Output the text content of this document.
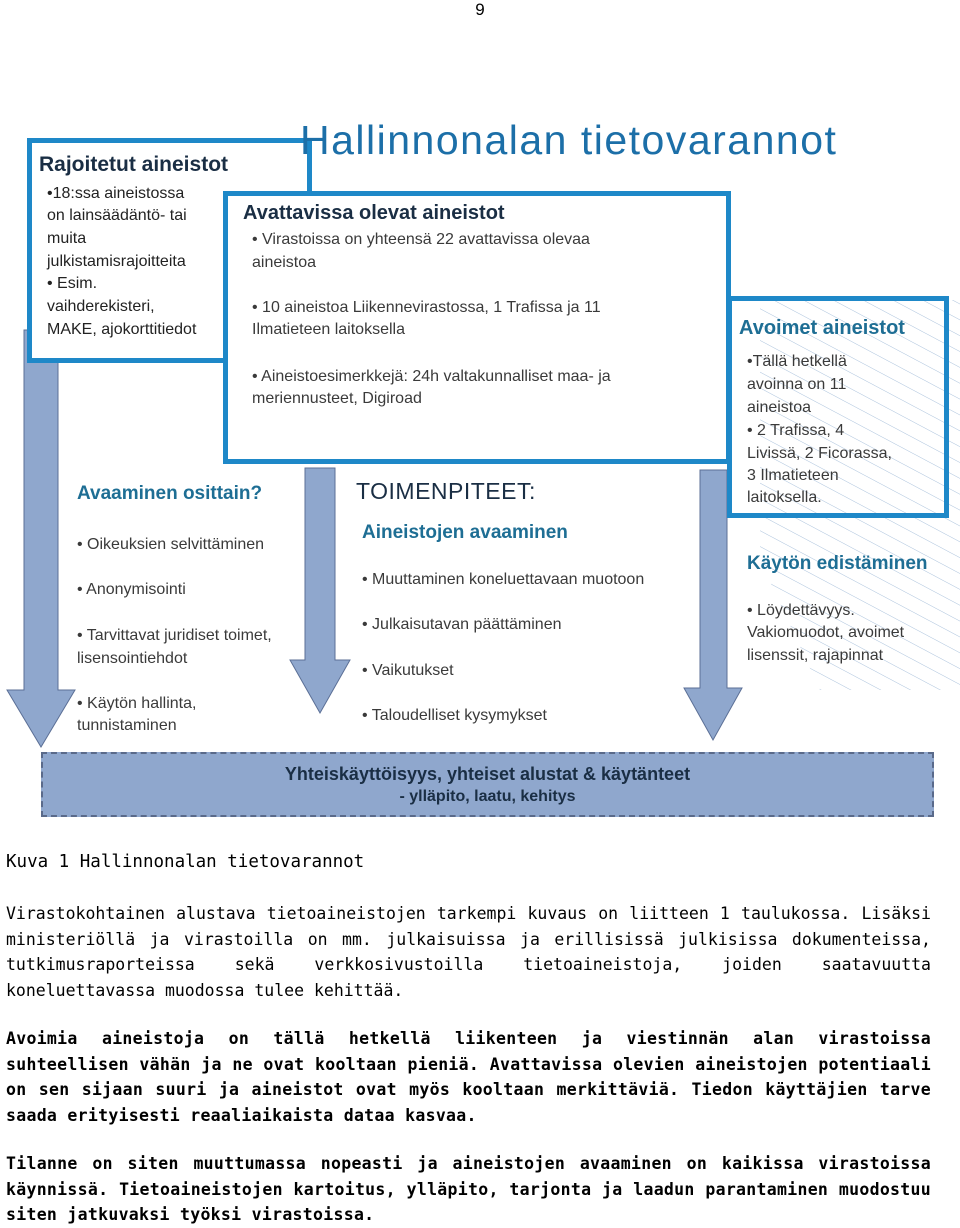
9
Rajoitetut aineistot
•18:ssa aineistossa
on lainsäädäntö- tai
muita
julkistamisrajoitteita
• Esim.
vaihderekisteri,
MAKE, ajokorttitiedot
Hallinnonalan tietovarannot
Avattavissa olevat aineistot
• Virastoissa on yhteensä 22 avattavissa olevaa
aineistoa
• 10 aineistoa Liikennevirastossa, 1 Trafissa ja 11
Ilmatieteen laitoksella
• Aineistoesimerkkejä: 24h valtakunnalliset maa- ja
meriennusteet, Digiroad
Avoimet aineistot
•Tällä hetkellä
avoinna on 11
aineistoa
• 2 Trafissa, 4
Livissä, 2 Ficorassa,
3 Ilmatieteen
laitoksella.
Avaaminen osittain?
• Oikeuksien selvittäminen
• Anonymisointi
• Tarvittavat juridiset toimet,
lisensointiehdot
• Käytön hallinta,
tunnistaminen
TOIMENPITEET:
Aineistojen avaaminen
• Muuttaminen koneluettavaan muotoon
• Julkaisutavan päättäminen
• Vaikutukset
• Taloudelliset kysymykset
Käytön edistäminen
• Löydettävyys.
Vakiomuodot, avoimet
lisenssit, rajapinnat
Yhteiskäyttöisyys, yhteiset alustat & käytänteet
- ylläpito, laatu, kehitys
Kuva 1 Hallinnonalan tietovarannot
Virastokohtainen alustava tietoaineistojen tarkempi kuvaus on liitteen 1 taulukossa. Lisäksi ministeriöllä ja virastoilla on mm. julkaisuissa ja erillisissä julkisissa dokumenteissa, tutkimusraporteissa sekä verkkosivustoilla tietoaineistoja, joiden saatavuutta koneluettavassa muodossa tulee kehittää.
Avoimia aineistoja on tällä hetkellä liikenteen ja viestinnän alan virastoissa suhteellisen vähän ja ne ovat kooltaan pieniä. Avattavissa olevien aineistojen potentiaali on sen sijaan suuri ja aineistot ovat myös kooltaan merkittäviä. Tiedon käyttäjien tarve saada erityisesti reaaliaikaista dataa kasvaa.
Tilanne on siten muuttumassa nopeasti ja aineistojen avaaminen on kaikissa virastoissa käynnissä. Tietoaineistojen kartoitus, ylläpito, tarjonta ja laadun parantaminen muodostuu siten jatkuvaksi työksi virastoissa.
